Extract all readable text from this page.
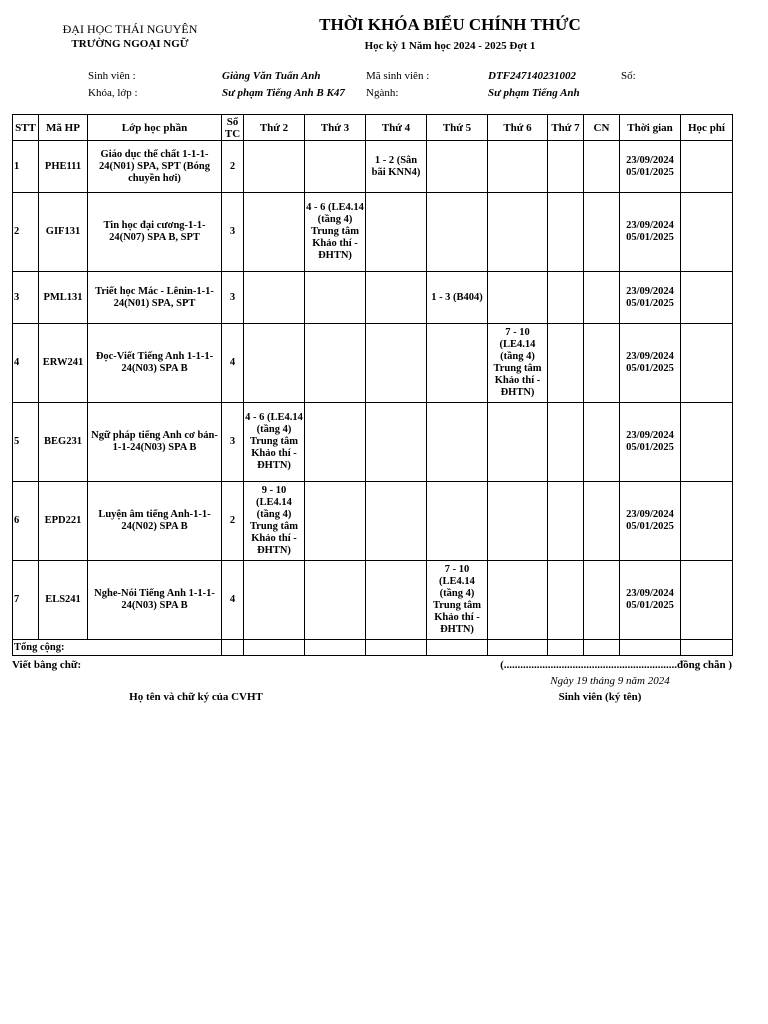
ĐẠI HỌC THÁI NGUYÊN
TRƯỜNG NGOẠI NGỮ
THỜI KHÓA BIỂU CHÍNH THỨC
Học kỳ 1 Năm học 2024 - 2025 Đợt 1
Sinh viên :	Giàng Văn Tuấn Anh	Mã sinh viên :	DTF247140231002	Số:
Khóa, lớp :	Sư phạm Tiếng Anh B K47 Ngành:	Sư phạm Tiếng Anh
STT	Mã HP	Lớp học phần	Số TC	Thứ 2	Thứ 3	Thứ 4	Thứ 5	Thứ 6	Thứ 7	CN	Thời gian	Học phí
1	PHE111	Giáo dục thể chất 1-1-1-24(N01) SPA, SPT (Bóng chuyền hơi)	2			1 - 2 (Sân bãi KNN4)					23/09/2024
05/01/2025	
2	GIF131	Tin học đại cương-1-1-24(N07) SPA B, SPT	3		4 - 6 (LE4.14 (tầng 4) Trung tâm Khảo thí - ĐHTN)						23/09/2024
05/01/2025	
3	PML131	Triết học Mác - Lênin-1-1-24(N01) SPA, SPT	3				1 - 3 (B404)				23/09/2024
05/01/2025	
4	ERW241	Đọc-Viết Tiếng Anh 1-1-1-24(N03) SPA B	4					7 - 10 (LE4.14 (tầng 4) Trung tâm Khảo thí - ĐHTN)			23/09/2024
05/01/2025	
5	BEG231	Ngữ pháp tiếng Anh cơ bản-1-1-24(N03) SPA B	3	4 - 6 (LE4.14 (tầng 4) Trung tâm Khảo thí - ĐHTN)							23/09/2024
05/01/2025	
6	EPD221	Luyện âm tiếng Anh-1-1-24(N02) SPA B	2	9 - 10 (LE4.14 (tầng 4) Trung tâm Khảo thí - ĐHTN)							23/09/2024
05/01/2025	
7	ELS241	Nghe-Nói Tiếng Anh 1-1-1-24(N03) SPA B	4				7 - 10 (LE4.14 (tầng 4) Trung tâm Khảo thí - ĐHTN)				23/09/2024
05/01/2025	
Tổng cộng:												
Viết bằng chữ:	(...............................................................đồng chẵn )
Ngày 19 tháng 9 năm 2024
Họ tên và chữ ký của CVHT	Sinh viên (ký tên)
